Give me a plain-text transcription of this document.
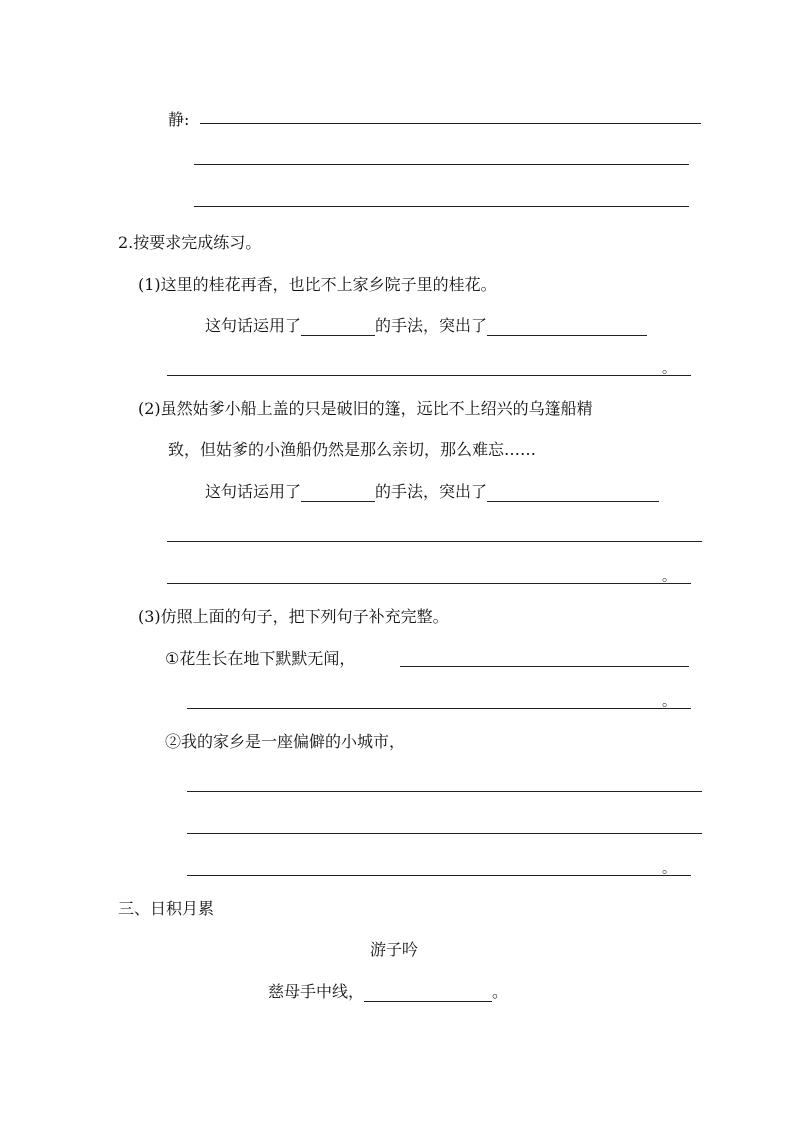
静:
2.按要求完成练习。
(1)这里的桂花再香，也比不上家乡院子里的桂花。
这句话运用了	的手法，突出了
。
(2)虽然姑爹小船上盖的只是破旧的篷，远比不上绍兴的乌篷船精
致，但姑爹的小渔船仍然是那么亲切，那么难忘……
这句话运用了	的手法，突出了
。
(3)仿照上面的句子，把下列句子补充完整。
①花生长在地下默默无闻，
。
②我的家乡是一座偏僻的小城市，
。
三、日积月累
游子吟
慈母手中线，	。
